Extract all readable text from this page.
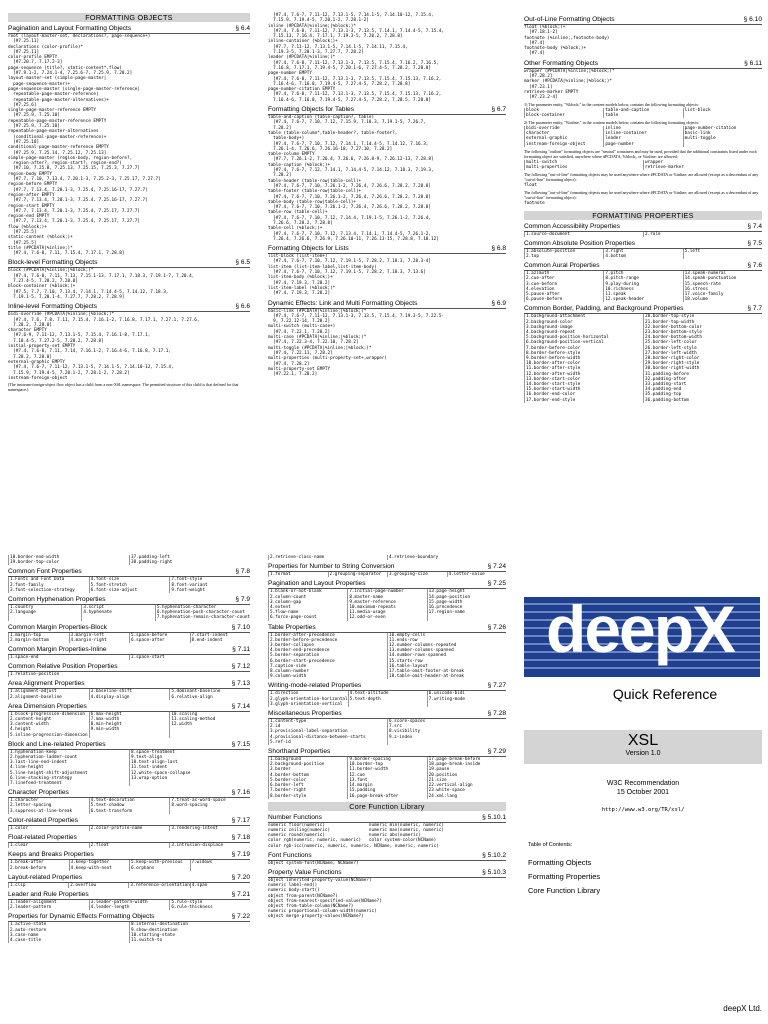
FORMATTING OBJECTS
Pagination and Layout Formatting Objects	§ 6.4
root (layout-master-set, declarations?, page-sequence+)
[#7.25.11]
declarations (color-profile)*
[#7.25.11]
color-profile EMPTY
[#7.20.7, 7.17.2-3]
page-sequence (title?, static-content*,flow)
[#7.9.1-2, 7.24.1-4, 7.25.6-7, 7.25.9, 7.28.2]
layout-master-set (simple-page-master|
page-sequence-master)+
page-sequence-master (single-page-master-reference|
repeatable-page-master-reference|
repeatable-page-master-alternatives)+
[#7.25.6]
single-page-master-reference EMPTY
[#7.25.9, 7.25.10]
repeatable-page-master-reference EMPTY
[#7.25.9, 7.25.10]
repeatable-page-master-alternatives
(conditional-page-master-reference)+
[#7.25.10]
conditional-page-master-reference EMPTY
[#7.25.9, 7.25.14, 7.25.12, 7.25.13]
simple-page-master (region-body, region-before?,
region-after?, region-start?, region-end?)
[#7.10, 7.25.8, 7.25.13, 7.25.15, 7.25.3, 7.27.7]
region-body EMPTY
[#7.7, 7.10, 7.13.4, 7.20.1-3, 7.25.2-3, 7.25.17, 7.27.7]
region-before EMPTY
[#7.7, 7.13.4, 7.20.1-3, 7.25.4, 7.25.16-17, 7.27.7]
region-after EMPTY
[#7.7, 7.13.4, 7.20.1-3, 7.25.4, 7.25.16-17, 7.27.7]
region-start EMPTY
[#7.7, 7.13.4, 7.20.1-3, 7.25.4, 7.25.17, 7.27.7]
region-end EMPTY
[#7.7, 7.13.4, 7.20.1-3, 7.25.4, 7.25.17, 7.27.7]
flow (%block;)+
[#7.25.5]
static-content (%block;)+
[#7.25.5]
title (#PCDATA|%inline;)*
[#7.4, 7.6-8, 7.11, 7.15.4, 7.17.1, 7.28.8]
Block-level Formatting Objects	§ 6.5
block (#PCDATA|%inline;|%block;)*
[#7.4, 7.6-8, 7.11, 7.13, 7.15.1-13, 7.17.1, 7.18.3, 7.19.1-7, 7.20.4,
7.27.4-5, 7.28.2, 7.28.8]
block-container (%block;)+
[#7.5, 7.7, 7.10, 7.13.4, 7.14.1, 7.14.4-5, 7.14.12, 7.18.3,
7.19.1-5, 7.20.1-4, 7.27.7, 7.28.2, 7.28.9]
Inline-level Formatting Objects	§ 6.6
bidi-override (#PCDATA|%inline;|%block;)*
[#7.4, 7.6, 7.8, 7.11, 7.15.4, 7.16.1-2, 7.16.8, 7.17.1, 7.27.1, 7.27.6,
7.28.2, 7.28.8]
character EMPTY
[#7.6-9, 7.11-12, 7.13.1-5, 7.15.4, 7.16.1-8, 7.17.1,
7.18.4-5, 7.27.2-5, 7.28.2, 7.28.8]
initial-property-set EMPTY
[#7.4, 7.6-8, 7.11, 7.14, 7.16.1-2, 7.16.4-6, 7.16.8, 7.17.1,
7.28.2, 7.28.8]
external-graphic EMPTY
[#7.4, 7.6-7, 7.11-12, 7.13.1-5, 7.14.1-5, 7.14.10-12, 7.15.4,
7.15.9, 7.19.4-5, 7.20.1-2, 7.28.1-2, 7.28.2]
instream-foreign-object
(The instream-foreign-object flow object has a child from a non-XSL namespace. The permitted structure of this child is that defined for that namespace.)
[#7.4, 7.6-7, 7.11-12, 7.13.1-5, 7.14.1-5, 7.14.10-12, 7.15.4,
7.15.9, 7.19.4-5, 7.20.1-2, 7.28.1-2]
inline (#PCDATA|%inline;|%block;)*
[#7.4, 7.6-8, 7.11-12, 7.13.1-3, 7.13.5, 7.14.1, 7.14.4-5, 7.15.4,
7.15.13, 7.16.4, 7.17.1, 7.19.3-5, 7.20.2, 7.28.8]
inline-container (%block;)+
[#7.7, 7.11-12, 7.13.1-5, 7.14.1-5, 7.14.11, 7.15.4,
7.19.3-5, 7.20.1-3, 7.27.7, 7.28.2]
leader (#PCDATA|%inline;)*
[#7.4, 7.6-8, 7.11-12, 7.13.1-3, 7.13.5, 7.15.4, 7.16.2, 7.16.5,
7.16.8, 7.17.1, 7.19.4-5, 7.20.1-6, 7.27.4-5, 7.28.2, 7.28.8]
page-number EMPTY
[#7.4, 7.6-8, 7.11-12, 7.13.1-3, 7.13.5, 7.15.4, 7.15.13, 7.16.2,
7.16.4-6, 7.16.8, 7.19.4-5, 7.27.4-5, 7.28.2, 7.28.8]
page-number-citation EMPTY
[#7.4, 7.6-8, 7.11-12, 7.13.1-3, 7.13.5, 7.15.4, 7.15.13, 7.16.2,
7.16.4-6, 7.16.8, 7.19.4-5, 7.27.4-5, 7.28.2, 7.28.5, 7.28.8]
Formatting Objects for Tables	§ 6.7
table-and-caption (table-caption?, table)
[#7.4, 7.6-7, 7.10, 7.12, 7.15.9, 7.18.3, 7.19.1-5, 7.26.7,
7.28.2]
table (table-column*,table-header?, table-footer?,
table-body+)
[#7.4, 7.6-7, 7.10, 7.12, 7.14.1, 7.14.4-5, 7.14.12, 7.16.3,
7.26.1-4, 7.26.6, 7.26.16-18, 7.27.10, 7.28.2]
table-column EMPTY
[#7.7, 7.26.1-2, 7.26.4, 7.26.6, 7.26.8-9, 7.26.12-13, 7.28.8]
table-caption (%block;)+
[#7.4, 7.6-7, 7.12, 7.14.1, 7.14.4-5, 7.14.12, 7.18.3, 7.19.3,
7.28.2]
table-header (table-row|table-cell)+
[#7.4, 7.6-7, 7.10, 7.26.1-2, 7.26.4, 7.26.6, 7.28.2, 7.28.8]
table-footer (table-row|table-cell)+
[#7.4, 7.6-7, 7.10, 7.26.1-2, 7.26.4, 7.26.6, 7.28.2, 7.28.8]
table-body (table-row|table-cell)+
[#7.4, 7.6-7, 7.10, 7.26.1-2, 7.26.4, 7.26.6, 7.28.2, 7.28.8]
table-row (table-cell)+
[#7.4, 7.6-7, 7.10, 7.12, 7.14.4, 7.19.1-5, 7.26.1-2, 7.26.4,
7.26.6, 7.28.2, 7.28.8]
table-cell (%block;)+
[#7.4, 7.6-7, 7.10, 7.12, 7.13.4, 7.14.1, 7.14.4-5, 7.26.1-2,
7.26.4, 7.26.6, 7.26.9, 7.26.10-11, 7.26.13-15, 7.28.8, 7.18.12]
Formatting Objects for Lists	§ 6.8
list-block (list-item+)
[#7.4, 7.6-7, 7.10, 7.12, 7.19.1-5, 7.28.2, 7.18.3, 7.28.3-4]
list-item (list-item-label,list-item-body)
[#7.4, 7.6-7, 7.10, 7.12, 7.19.1-5, 7.28.2, 7.18.3, 7.13.6]
list-item-body (%block;)+
[#7.4, 7.19.3, 7.28.2]
list-item-label (%block;)*
[#7.4, 7.19.3, 7.28.2]
Dynamic Effects: Link and Multi Formatting Objects	§ 6.9
basic-link (#PCDATA|%inline;|%block;)*
[#7.4, 7.6-7, 7.11-12, 7.13.1-3, 7.13.5, 7.15.4, 7.19.3-5, 7.22.5-
9, 7.22.12-14, 7.28.2]
multi-switch (multi-case+)
[#7.4, 7.22.1, 7.28.2]
multi-case (#PCDATA|%inline;|%block;)*
[#7.4, 7.22.3-4, 7.22.10, 7.28.2]
multi-toggle (#PCDATA|%inline;|%block;)*
[#7.4, 7.22.11, 7.28.2]
multi-properties (multi-property-set+,wrapper)
[#7.4, 7.28.2]
multi-property-set EMPTY
[#7.22.1, 7.28.2]
Out-of-Line Formatting Objects	§ 6.10
float (%block;)+
[#7.18.1-2]
footnote (%inline;,footnote-body)
[#7.4]
footnote-body (%block;)+
[#7.4]
Other Formatting Objects	§ 6.11
wrapper (#PCDATA|%inline;|%block;)*
[#7.28.2]
marker (#PCDATA|%inline;|%block;)*
[#7.23.1]
retrieve-marker EMPTY
[#7.23.2-4]
1) The parameter entity, "%block;" in the content models below, contains the following formatting objects:
block	table-and-caption	list-block
block-container	table
2) The parameter entity, "%inline;" in the content models below, contains the following formatting objects:
bidi-override	inline	page-number-citation
character	inline-container	basic-link
external-graphic	leader	multi-toggle
instream-foreign-object	page-number
The following "outline" formatting objects are "neutral" containers and may be used, provided that the additional constraints listed under each formatting object are satisfied, anywhere where #PCDATA, %block;, or %inline; are allowed:
multi-switch	wrapper
multi-properties	retrieve-marker
The following "out-of-line" formatting objects may be used anywhere where #PCDATA or %inline; are allowed (except as a descendant of any "out-of-line" formatting object):
float
The following "out-of-line" formatting objects may be used anywhere where #PCDATA or %inline; are allowed (except as a descendant of any "out-of-line" formatting object):
footnote
FORMATTING PROPERTIES
Common Accessibility Properties	§ 7.4
1.source-document	2.role
Common Absolute Position Properties	§ 7.5
1.absolute-position	3.right	5.left
2.top	4.bottom
Common Aural Properties	§ 7.6
1.azimuth	7.pitch	13.speak-numeral
2.cue-after	8.pitch-range	14.speak-punctuation
3.cue-before	9.play-during	15.speech-rate
4.elevation	10.richness	16.stress
5.pause-after	11.speak	17.voice-family
6.pause-before	12.speak-header	18.volume
Common Border, Padding, and Background Properties	§ 7.7
1.background-attachment	20.border-top-style
2.background-color	21.border-top-width
3.background-image	22.border-bottom-color
4.background-repeat	23.border-bottom-style
5.background-position-horizontal	24.border-bottom-width
6.background-position-vertical	25.border-left-color
7.border-before-color	26.border-left-style
8.border-before-style	27.border-left-width
9.border-before-width	28.border-right-color
10.border-after-color	29.border-right-style
11.border-after-style	30.border-right-width
12.border-after-width	31.padding-before
13.border-start-color	32.padding-after
14.border-start-style	33.padding-start
15.border-start-width	34.padding-end
16.border-end-color	35.padding-top
17.border-end-style	36.padding-bottom
18.border-end-width	37.padding-left
19.border-top-color	38.padding-right
Common Font Properties	§ 7.8
1.Fonts and Font Data	4.font-size	7.font-style
2.font-family	5.font-stretch	8.font-variant
3.font-selection-strategy	6.font-size-adjust	9.font-weight
Common Hyphenation Properties	§ 7.9
1.country	3.script	5.hyphenation-character
2.language	4.hyphenate	6.hyphenation-push-character-count
7.hyphenation-remain-character-count
Common Margin Properties-Block	§ 7.10
1.margin-top	3.margin-left	5.space-before	7.start-indent
2.margin-bottom	4.margin-right	6.space-after	8.end-indent
Common Margin Properties-Inline	§ 7.11
1.space-end	2.space-start
Common Relative Position Properties	§ 7.12
1.relative-position
Area Alignment Properties	§ 7.13
1.alignment-adjust	3.baseline-shift	5.dominant-baseline
2.alignment-baseline	4.display-align	6.relative-align
Area Dimension Properties	§ 7.14
1.block-progression-dimension	6.max-height	10.scaling
2.content-height	7.max-width	11.scaling-method
3.content-width	8.min-height	12.width
4.height	9.min-width
5.inline-progression-dimension
Block and Line-related Properties	§ 7.15
1.hyphenation-keep	8.space-treatment
2.hyphenation-ladder-count	9.text-align
3.last-line-end-indent	10.text-align-last
4.line-height	11.text-indent
5.line-height-shift-adjustment	12.white-space-collapse
6.line-stacking-strategy	13.wrap-option
7.linefeed-treatment
Character Properties	§ 7.16
1.character	4.text-decoration	7.treat-as-word-space
2.letter-spacing	5.text-shadow	8.word-spacing
3.suppress-at-line-break	6.text-transform
Color-related Properties	§ 7.17
1.color	2.color-profile-name	3.rendering-intent
Float-related Properties	§ 7.18
1.clear	2.float	3.intrusion-displace
Keeps and Breaks Properties	§ 7.19
1.break-after	3.keep-together	5.keep-with-previous	7.widows
2.break-before	4.keep-with-next	6.orphans
Layout-related Properties	§ 7.20
1.clip	2.overflow	3.reference-orientation 4.span
Leader and Rule Properties	§ 7.21
1.leader-alignment	3.leader-pattern-width	5.rule-style
2.leader-pattern	4.leader-length	6.rule-thickness
Properties for Dynamic Effects Formatting Objects	§ 7.22
1.active-state	8.internal-destination
2.auto-restore	9.show-destination
3.case-name	10.starting-state
4.case-title	11.switch-to
2.retrieve-class-name	4.retrieve-boundary
Properties for Number to String Conversion	§ 7.24
1.format	2.grouping-separator	3.grouping-size	4.letter-value
Pagination and Layout Properties	§ 7.25
1.blank-or-not-blank	7.initial-page-number	13.page-height
2.column-count	8.master-name	14.page-position
3.column-gap	9.master-reference	15.page-width
4.extent	10.maximum-repeats	16.precedence
5.flow-name	11.media-usage	17.region-name
6.force-page-count	12.odd-or-even
Table Properties	§ 7.26
1.border-after-precedence	10.empty-cells
2.border-before-precedence	11.ends-row
3.border-collapse	12.number-columns-repeated
4.border-end-precedence	13.number-columns-spanned
5.border-separation	14.number-rows-spanned
6.border-start-precedence	15.starts-row
7.caption-side	16.table-layout
8.column-number	17.table-omit-footer-at-break
9.column-width	18.table-omit-header-at-break
Writing-mode-related Properties	§ 7.27
1.direction	4.text-altitude	6.unicode-bidi
2.glyph-orientation-horizontal 5.text-depth	7.writing-mode
3.glyph-orientation-vertical
Miscellaneous Properties	§ 7.28
1.content-type	6.score-spaces
2.id	7.src
3.provisional-label-separation	8.visibility
4.provisional-distance-between-starts	9.z-index
5.ref-id
Shorthand Properties	§ 7.29
1.background	9.border-spacing	17.page-break-before
2.background-position	10.border-top	18.page-break-inside
3.border	11.border-width	19.pause
4.border-bottom	12.cue	20.position
5.border-color	13.font	21.size
6.border-left	14.margin	22.vertical-align
7.border-right	15.padding	23.white-space
8.border-style	16.page-break-after	24.xml:lang
Core Function Library
Number Functions	§ 5.10.1
numeric floor(numeric)                 numeric min(numeric, numeric)
numeric ceiling(numeric)               numeric max(numeric, numeric)
numeric round(numeric)                 numeric abs(numeric)
color rgb(numeric, numeric, numeric)   color system-color(NCName)
color rgb-icc(numeric, numeric, numeric, NCName, numeric, numeric)
Font Functions	§ 5.10.2
object system-font(NCName, NCName?)
Property Value Functions	§ 5.10.3
object inherited-property-value(NCName?)
numeric label-end()
numeric body-start()
object from-parent(NCName?)
object from-nearest-specified-value(NCName?)
object from-table-column(NCName?)
numeric proportional-column-width(numeric)
object merge-property-values(NCName?)
deepX
Quick Reference
XSL
Version 1.0
W3C Recommendation
15 October 2001
http://www.w3.org/TR/xsl/
Table of Contents:
Formatting Objects
Formatting Properties
Core Function Library
deepX Ltd.
